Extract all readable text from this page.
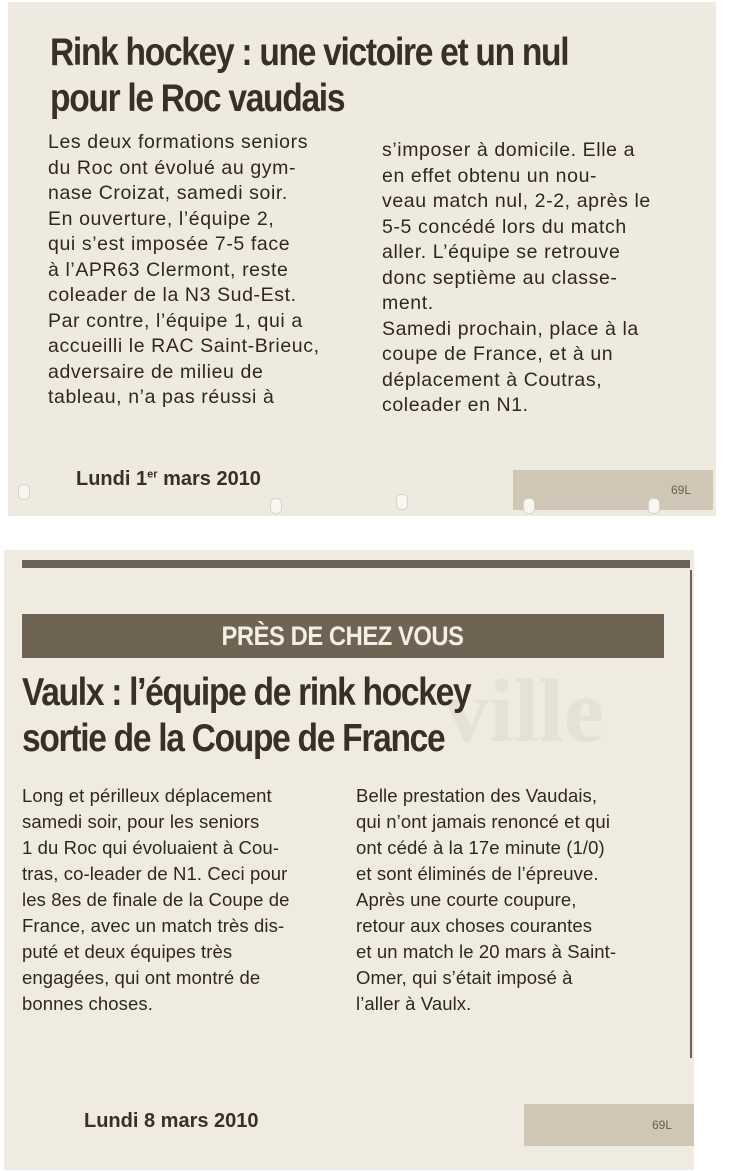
Rink hockey : une victoire et un nul
pour le Roc vaudais

Les deux formations seniors

du Roc ont évolué au gym-

nase Croizat, samedi soir.

En ouverture, l’équipe 2,

qui s’est imposée 7-5 face

à l’APR63 Clermont, reste

coleader de la N3 Sud-Est.

Par contre, l’équipe 1, qui a

accueilli le RAC Saint-Brieuc,

adversaire de milieu de

tableau, n’a pas réussi à

s’imposer à domicile. Elle a

en effet obtenu un nou-

veau match nul, 2-2, après le

5-5 concédé lors du match

aller. L’équipe se retrouve

donc septième au classe-

ment.

Samedi prochain, place à la

coupe de France, et à un

déplacement à Coutras,

coleader en N1.

Lundi 1er mars 2010	69L
PRÈS DE CHEZ VOUS
ville
Vaulx : l’équipe de rink hockey
sortie de la Coupe de France

Long et périlleux déplacement

samedi soir, pour les seniors

1 du Roc qui évoluaient à Cou-

tras, co-leader de N1. Ceci pour

les 8es de finale de la Coupe de

France, avec un match très dis-

puté et deux équipes très

engagées, qui ont montré de

bonnes choses.

Belle prestation des Vaudais,

qui n’ont jamais renoncé et qui

ont cédé à la 17e minute (1/0)

et sont éliminés de l’épreuve.

Après une courte coupure,

retour aux choses courantes

et un match le 20 mars à Saint-

Omer, qui s’était imposé à

l’aller à Vaulx.

Lundi 8 mars 2010	69L
